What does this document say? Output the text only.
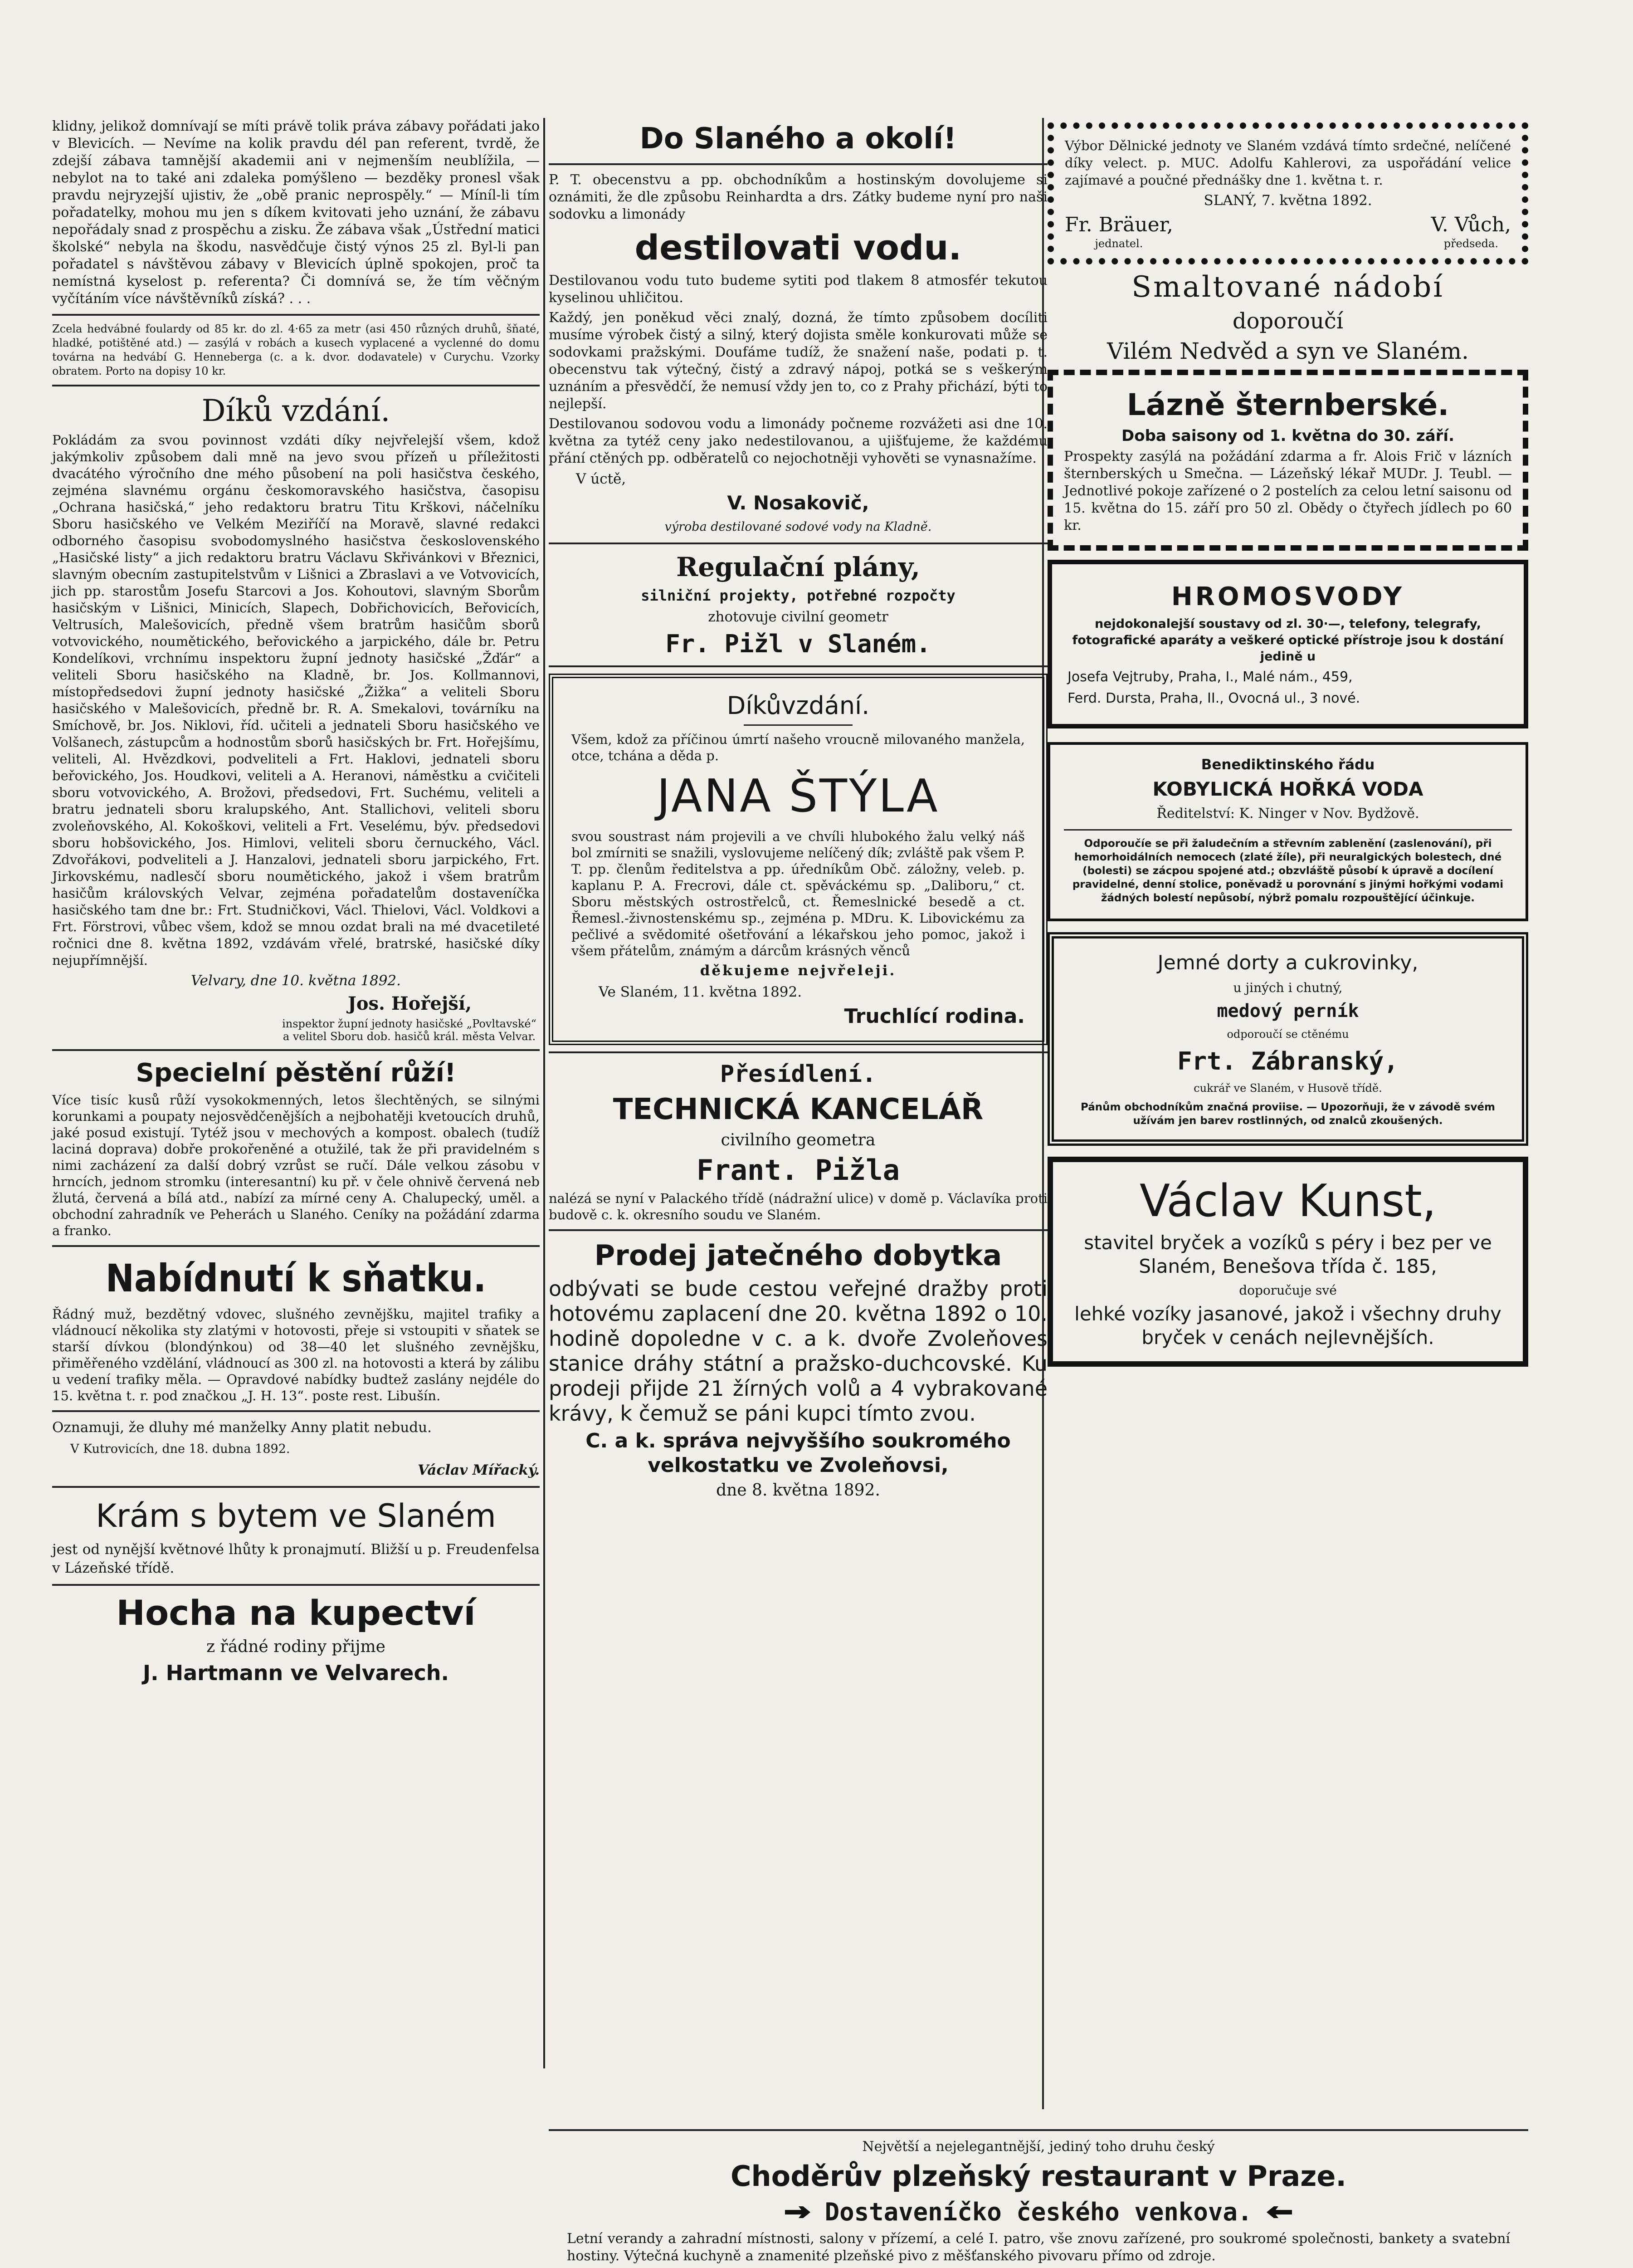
klidny, jelikož domnívají se míti právě tolik práva zábavy pořádati jako v Blevicích. — Nevíme na kolik pravdu dél pan referent, tvrdě, že zdejší zábava tamnější akademii ani v nejmenším neublížila, — nebylot na to také ani zdaleka pomýšleno — bezděky pronesl však pravdu nejryzejší ujistiv, že „obě pranic neprospěly.“ — Míníl-li tím pořadatelky, mohou mu jen s díkem kvitovati jeho uznání, že zábavu nepořádaly snad z prospěchu a zisku. Že zábava však „Ústřední matici školské“ nebyla na škodu, nasvědčuje čistý výnos 25 zl. Byl-li pan pořadatel s návštěvou zábavy v Blevicích úplně spokojen, proč ta nemístná kyselost p. referenta? Či domnívá se, že tím věčným vyčítáním více návštěvníků získá? . . .

Zcela hedvábné foulardy od 85 kr. do zl. 4·65 za metr (asi 450 různých druhů, šňaté, hladké, potištěné atd.) — zasýlá v robách a kusech vyplacené a vyclenné do domu továrna na hedvábí G. Henneberga (c. a k. dvor. dodavatele) v Curychu. Vzorky obratem. Porto na dopisy 10 kr.

Díků vzdání.

Pokládám za svou povinnost vzdáti díky nejvřelejší všem, kdož jakýmkoliv způsobem dali mně na jevo svou přízeň u příležitosti dvacátého výročního dne mého působení na poli hasičstva českého, zejména slavnému orgánu českomoravského hasičstva, časopisu „Ochrana hasičská,“ jeho redaktoru bratru Titu Krškovi, náčelníku Sboru hasičského ve Velkém Meziříčí na Moravě, slavné redakci odborného časopisu svobodomyslného hasičstva československého „Hasičské listy“ a jich redaktoru bratru Václavu Skřivánkovi v Březnici, slavným obecním zastupitelstvům v Lišnici a Zbraslavi a ve Votvovicích, jich pp. starostům Josefu Starcovi a Jos. Kohoutovi, slavným Sborům hasičským v Lišnici, Minicích, Slapech, Dobřichovicích, Beřovicích, Veltrusích, Malešovicích, předně všem bratrům hasičům sborů votvovického, noumětického, beřovického a jarpického, dále br. Petru Kondelíkovi, vrchnímu inspektoru župní jednoty hasičské „Žďár“ a veliteli Sboru hasičského na Kladně, br. Jos. Kollmannovi, místopředsedovi župní jednoty hasičské „Žižka“ a veliteli Sboru hasičského v Malešovicích, předně br. R. A. Smekalovi, továrníku na Smíchově, br. Jos. Niklovi, říd. učiteli a jednateli Sboru hasičského ve Volšanech, zástupcům a hodnostům sborů hasičských br. Frt. Hořejšímu, veliteli, Al. Hvězdkovi, podveliteli a Frt. Haklovi, jednateli sboru beřovického, Jos. Houdkovi, veliteli a A. Heranovi, náměstku a cvičiteli sboru votvovického, A. Brožovi, předsedovi, Frt. Suchému, veliteli a bratru jednateli sboru kralupského, Ant. Stallichovi, veliteli sboru zvoleňovského, Al. Kokoškovi, veliteli a Frt. Veselému, býv. předsedovi sboru hobšovického, Jos. Himlovi, veliteli sboru černuckého, Václ. Zdvořákovi, podveliteli a J. Hanzalovi, jednateli sboru jarpického, Frt. Jirkovskému, nadlesčí sboru noumětického, jakož i všem bratrům hasičům královských Velvar, zejména pořadatelům dostaveníčka hasičského tam dne br.: Frt. Studničkovi, Václ. Thielovi, Václ. Voldkovi a Frt. Förstrovi, vůbec všem, kdož se mnou ozdat brali na mé dvacetileté ročnici dne 8. května 1892, vzdávám vřelé, bratrské, hasičské díky nejupřímnější.

Velvary, dne 10. května 1892.

Jos. Hořejší,

inspektor župní jednoty hasičské „Povltavské“ a velitel Sboru dob. hasičů král. města Velvar.

Specielní pěstění růží!

Více tisíc kusů růží vysokokmenných, letos šlechtěných, se silnými korunkami a poupaty nejosvědčenějších a nejbohatěji kvetoucích druhů, jaké posud existují. Tytéž jsou v mechových a kompost. obalech (tudíž laciná doprava) dobře prokořeněné a otužilé, tak že při pravidelném s nimi zacházení za další dobrý vzrůst se ručí. Dále velkou zásobu v hrncích, jednom stromku (interesantní) ku př. v čele ohnivě červená neb žlutá, červená a bílá atd., nabízí za mírné ceny A. Chalupecký, uměl. a obchodní zahradník ve Peherách u Slaného. Ceníky na požádání zdarma a franko.

Nabídnutí k sňatku.

Řádný muž, bezdětný vdovec, slušného zevnějšku, majitel trafiky a vládnoucí několika sty zlatými v hotovosti, přeje si vstoupiti v sňatek se starší dívkou (blondýnkou) od 38—40 let slušného zevnějšku, přiměřeného vzdělání, vládnoucí as 300 zl. na hotovosti a která by zálibu u vedení trafiky měla. — Opravdové nabídky budtež zaslány nejdéle do 15. května t. r. pod značkou „J. H. 13“. poste rest. Libušín.

Oznamuji, že dluhy mé manželky Anny platit nebudu.

V Kutrovicích, dne 18. dubna 1892.

Václav Mířacký.

Krám s bytem ve Slaném

jest od nynější květnové lhůty k pronajmutí. Bližší u p. Freudenfelsa v Lázeňské třídě.

Hocha na kupectví

z řádné rodiny přijme

J. Hartmann ve Velvarech.

Do Slaného a okolí!

P. T. obecenstvu a pp. obchodníkům a hostinským dovolujeme si oznámiti, že dle způsobu Reinhardta a drs. Zátky budeme nyní pro naši sodovku a limonády

destilovati vodu.

Destilovanou vodu tuto budeme sytiti pod tlakem 8 atmosfér tekutou kyselinou uhličitou.

Každý, jen poněkud věci znalý, dozná, že tímto způsobem docíliti musíme výrobek čistý a silný, který dojista směle konkurovati může se sodovkami pražskými. Doufáme tudíž, že snažení naše, podati p. t. obecenstvu tak výtečný, čistý a zdravý nápoj, potká se s veškerým uznáním a přesvědčí, že nemusí vždy jen to, co z Prahy přichází, býti to nejlepší.

Destilovanou sodovou vodu a limonády počneme rozvážeti asi dne 10. května za tytéž ceny jako nedestilovanou, a ujišťujeme, že každému přání ctěných pp. odběratelů co nejochotněji vyhověti se vynasnažíme.

V úctě,

V. Nosakovič,

výroba destilované sodové vody na Kladně.

Regulační plány,

silniční projekty, potřebné rozpočty

zhotovuje civilní geometr

Fr. Pižl v Slaném.

Díkůvzdání.

Všem, kdož za příčinou úmrtí našeho vroucně milovaného manžela, otce, tchána a děda p.

JANA ŠTÝLA

svou soustrast nám projevili a ve chvíli hlubokého žalu velký náš bol zmírniti se snažili, vyslovujeme nelíčený dík; zvláště pak všem P. T. pp. členům ředitelstva a pp. úředníkům Obč. záložny, veleb. p. kaplanu P. A. Frecrovi, dále ct. spěváckému sp. „Daliboru,“ ct. Sboru městských ostrostřelců, ct. Řemeslnické besedě a ct. Řemesl.-živnostenskému sp., zejména p. MDru. K. Libovickému za pečlivé a svědomité ošetřování a lékařskou jeho pomoc, jakož i všem přátelům, známým a dárcům krásných věnců

děkujeme nejvřeleji.

Ve Slaném, 11. května 1892.

Truchlící rodina.

Přesídlení.
TECHNICKÁ KANCELÁŘ

civilního geometra

Frant. Pižla

nalézá se nyní v Palackého třídě (nádražní ulice) v domě p. Václavíka proti budově c. k. okresního soudu ve Slaném.

Prodej jatečného dobytka

odbývati se bude cestou veřejné dražby proti hotovému zaplacení dne 20. května 1892 o 10. hodině dopoledne v c. a k. dvoře Zvoleňoves stanice dráhy státní a pražsko-duchcovské. Ku prodeji přijde 21 žírných volů a 4 vybrakované krávy, k čemuž se páni kupci tímto zvou.

C. a k. správa nejvyššího soukromého velkostatku ve Zvoleňovsi,

dne 8. května 1892.

Výbor Dělnické jednoty ve Slaném vzdává tímto srdečné, nelíčené díky velect. p. MUC. Adolfu Kahlerovi, za uspořádání velice zajímavé a poučné přednášky dne 1. května t. r.

SLANÝ, 7. května 1892.

Fr. Bräuer,
jednatel.
V. Vůch,
předseda.
Smaltované nádobí

doporoučí

Vilém Nedvěd a syn ve Slaném.

Lázně šternberské.

Doba saisony od 1. května do 30. září.

Prospekty zasýlá na požádání zdarma a fr. Alois Frič v lázních šternberských u Smečna. — Lázeňský lékař MUDr. J. Teubl. — Jednotlivé pokoje zařízené o 2 postelích za celou letní saisonu od 15. května do 15. září pro 50 zl. Obědy o čtyřech jídlech po 60 kr.

HROMOSVODY

nejdokonalejší soustavy od zl. 30·—, telefony, telegrafy, fotografické aparáty a veškeré optické přístroje jsou k dostání jedině u

Josefa Vejtruby, Praha, I., Malé nám., 459,

Ferd. Dursta, Praha, II., Ovocná ul., 3 nové.

Benediktinského řádu

KOBYLICKÁ HOŘKÁ VODA

Ředitelství: K. Ninger v Nov. Bydžově.

Odporoučíe se při žaludečním a střevním zablenění (zaslenování), při hemorhoidálních nemocech (zlaté žíle), při neuralgických bolestech, dné (bolesti) se zácpou spojené atd.; obzvláště působí k úpravě a docílení pravidelné, denní stolice, poněvadž u porovnání s jinými hořkými vodami žádných bolestí nepůsobí, nýbrž pomalu rozpouštějící účinkuje.

Jemné dorty a cukrovinky,

u jiných i chutný,

medový perník

odporoučí se ctěnému

Frt. Zábranský,

cukrář ve Slaném, v Husově třídě.

Pánům obchodníkům značná proviise. — Upozorňuji, že v závodě svém užívám jen barev rostlinných, od znalců zkoušených.

Václav Kunst,

stavitel bryček a vozíků s péry i bez per ve Slaném, Benešova třída č. 185,

doporučuje své

lehké vozíky jasanové, jakož i všechny druhy bryček v cenách nejlevnějších.

Největší a nejelegantnější, jediný toho druhu český

Choděrův plzeňský restaurant v Praze.
Dostaveníčko českého venkova.

Letní verandy a zahradní místnosti, salony v přízemí, a celé I. patro, vše znovu zařízené, pro soukromé společnosti, bankety a svatební hostiny. Výtečná kuchyně a znamenité plzeňské pivo z měšťanského pivovaru přímo od zdroje.
